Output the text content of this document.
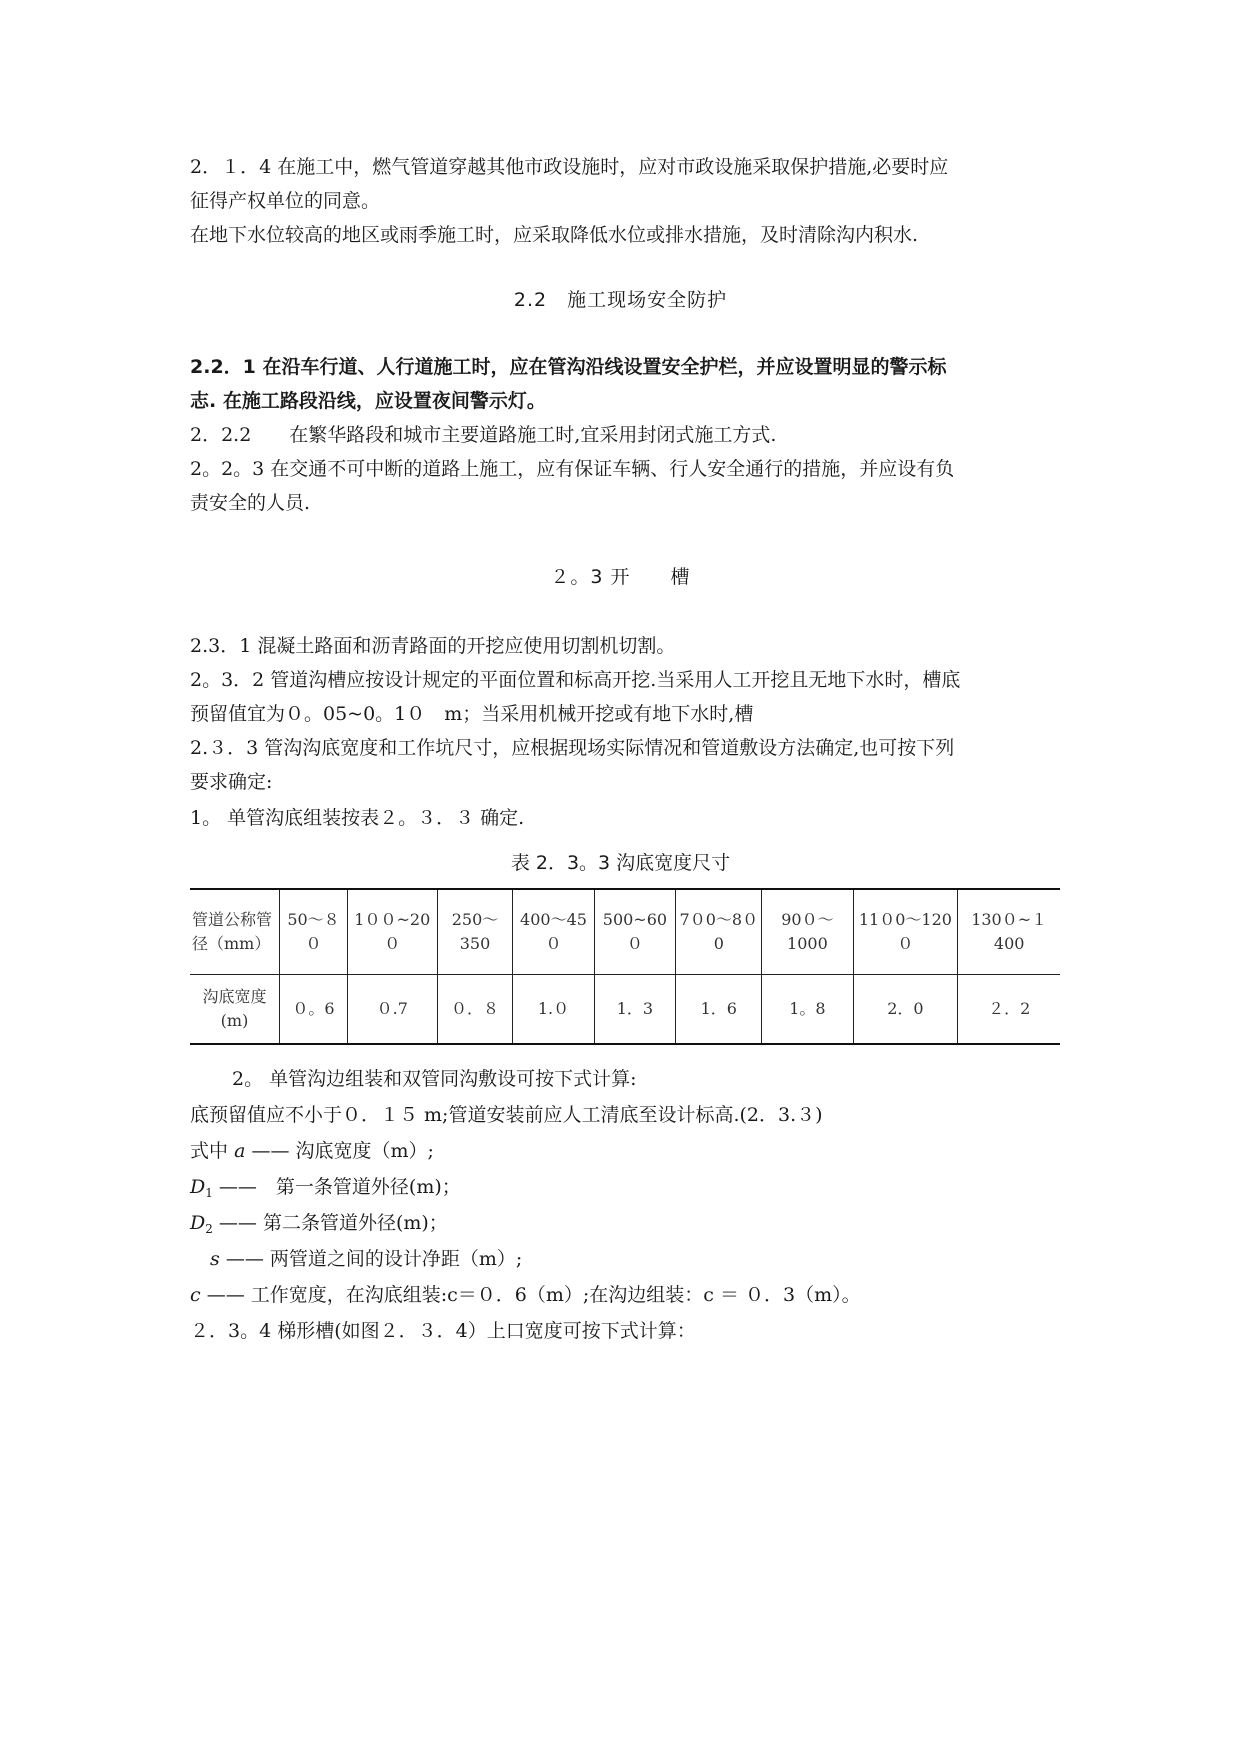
2．１．4 在施工中，燃气管道穿越其他市政设施时，应对市政设施采取保护措施,必要时应

征得产权单位的同意。

在地下水位较高的地区或雨季施工时，应采取降低水位或排水措施，及时清除沟内积水.

2.2　施工现场安全防护

2.2．1 在沿车行道、人行道施工时，应在管沟沿线设置安全护栏，并应设置明显的警示标

志. 在施工路段沿线，应设置夜间警示灯。

2．2.2　　在繁华路段和城市主要道路施工时,宜采用封闭式施工方式.

2。2。3 在交通不可中断的道路上施工，应有保证车辆、行人安全通行的措施，并应设有负

责安全的人员.

２。3 开　　槽

2.3．1 混凝土路面和沥青路面的开挖应使用切割机切割。

2。3．2 管道沟槽应按设计规定的平面位置和标高开挖.当采用人工开挖且无地下水时，槽底

预留值宜为０。05~0。1０　m；当采用机械开挖或有地下水时,槽

2.３．3 管沟沟底宽度和工作坑尺寸，应根据现场实际情况和管道敷设方法确定,也可按下列

要求确定:

1。 单管沟底组装按表２。３．３ 确定.

表 2．3。3 沟底宽度尺寸

管道公称管径（mm）	50～８０	1００~20０	250～350	400～45０	500~60０	7０0～8０0	90０～1000	11０0～120０	130０~１400
沟底宽度(m)	０。6	０.7	０．８	1.０	1．3	1．6	1。8	2．0	２．2

2。 单管沟边组装和双管同沟敷设可按下式计算:

底预留值应不小于０．１５ m;管道安装前应人工清底至设计标高.(2．3.３)

式中 a —— 沟底宽度（m）;

$D_1$ ——　第一条管道外径(m)；

$D_2$ —— 第二条管道外径(m)；

s —— 两管道之间的设计净距（m）;

c —— 工作宽度，在沟底组装:c＝０．6（m）;在沟边组装：c ＝ ０．3（m）。

２．3。4 梯形槽(如图２．３．4）上口宽度可按下式计算：
